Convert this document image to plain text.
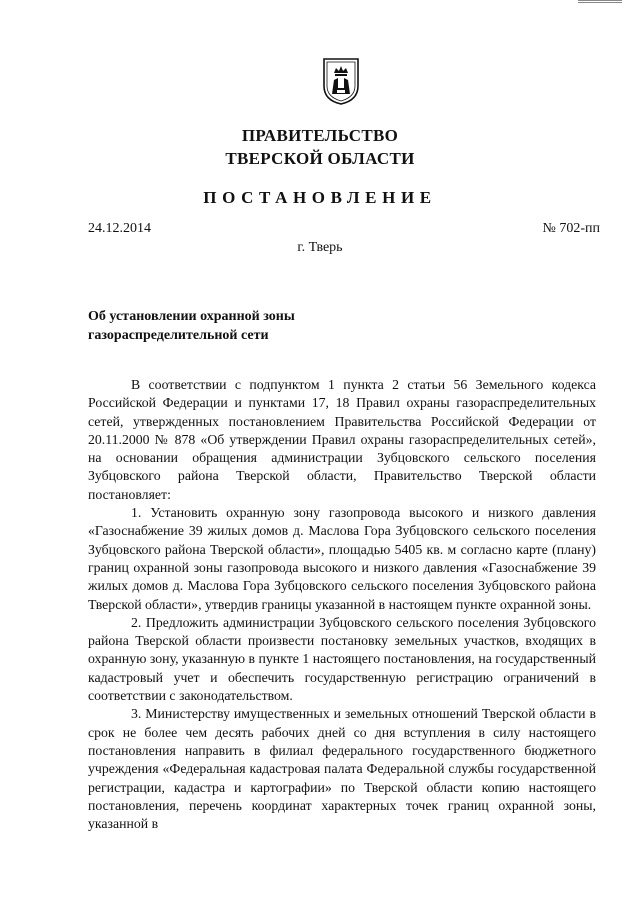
ПРАВИТЕЛЬСТВО
ТВЕРСКОЙ ОБЛАСТИ
ПОСТАНОВЛЕНИЕ
24.12.2014	№ 702-пп
г. Тверь
Об установлении охранной зоны
газораспределительной сети

В соответствии с подпунктом 1 пункта 2 статьи 56 Земельного кодекса Российской Федерации и пунктами 17, 18 Правил охраны газораспределительных сетей, утвержденных постановлением Правительства Российской Федерации от 20.11.2000 № 878 «Об утверждении Правил охраны газораспределительных сетей», на основании обращения администрации Зубцовского сельского поселения Зубцовского района Тверской области, Правительство Тверской области постановляет:

1. Установить охранную зону газопровода высокого и низкого давления «Газоснабжение 39 жилых домов д. Маслова Гора Зубцовского сельского поселения Зубцовского района Тверской области», площадью 5405 кв. м согласно карте (плану) границ охранной зоны газопровода высокого и низкого давления «Газоснабжение 39 жилых домов д. Маслова Гора Зубцовского сельского поселения Зубцовского района Тверской области», утвердив границы указанной в настоящем пункте охранной зоны.

2. Предложить администрации Зубцовского сельского поселения Зубцовского района Тверской области произвести постановку земельных участков, входящих в охранную зону, указанную в пункте 1 настоящего постановления, на государственный кадастровый учет и обеспечить государственную регистрацию ограничений в соответствии с законодательством.

3. Министерству имущественных и земельных отношений Тверской области в срок не более чем десять рабочих дней со дня вступления в силу настоящего постановления направить в филиал федерального государственного бюджетного учреждения «Федеральная кадастровая палата Федеральной службы государственной регистрации, кадастра и картографии» по Тверской области копию настоящего постановления, перечень координат характерных точек границ охранной зоны, указанной в
